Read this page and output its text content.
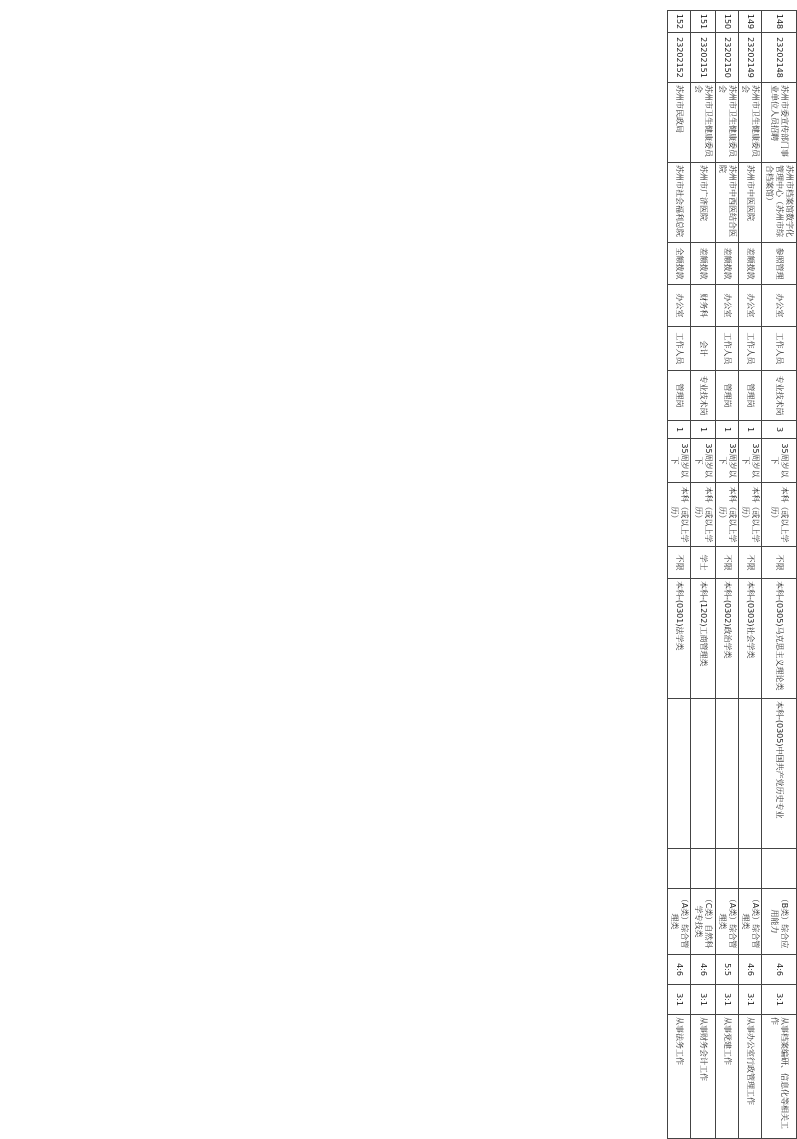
148	23202148	苏州市委宣传部门事业单位人员招聘	苏州市档案馆数字化管理中心（苏州市综合档案馆）	参照管理	办公室	工作人员	专业技术岗	3	35周岁以下	本科（或以上学历）	不限	本科-(0305)马克思主义理论类	本科-(0305)中国共产党历史专业		（B类）综合应用能力	4:6	3:1	从事档案编研、信息化等相关工作
149	23202149	苏州市卫生健康委员会	苏州市中医医院	差额拨款	办公室	工作人员	管理岗	1	35周岁以下	本科（或以上学历）	不限	本科-(0303)社会学类			（A类）综合管理类	4:6	3:1	从事办公室行政管理工作
150	23202150	苏州市卫生健康委员会	苏州市中西医结合医院	差额拨款	办公室	工作人员	管理岗	1	35周岁以下	本科（或以上学历）	不限	本科-(0302)政治学类			（A类）综合管理类	5:5	3:1	从事党建工作
151	23202151	苏州市卫生健康委员会	苏州市广济医院	差额拨款	财务科	会计	专业技术岗	1	35周岁以下	本科（或以上学历）	学士	本科-(1202)工商管理类			（C类）自然科学专技类	4:6	3:1	从事财务会计工作
152	23202152	苏州市民政局	苏州市社会福利总院	全额拨款	办公室	工作人员	管理岗	1	35周岁以下	本科（或以上学历）	不限	本科-(0301)法学类			（A类）综合管理类	4:6	3:1	从事法务工作
